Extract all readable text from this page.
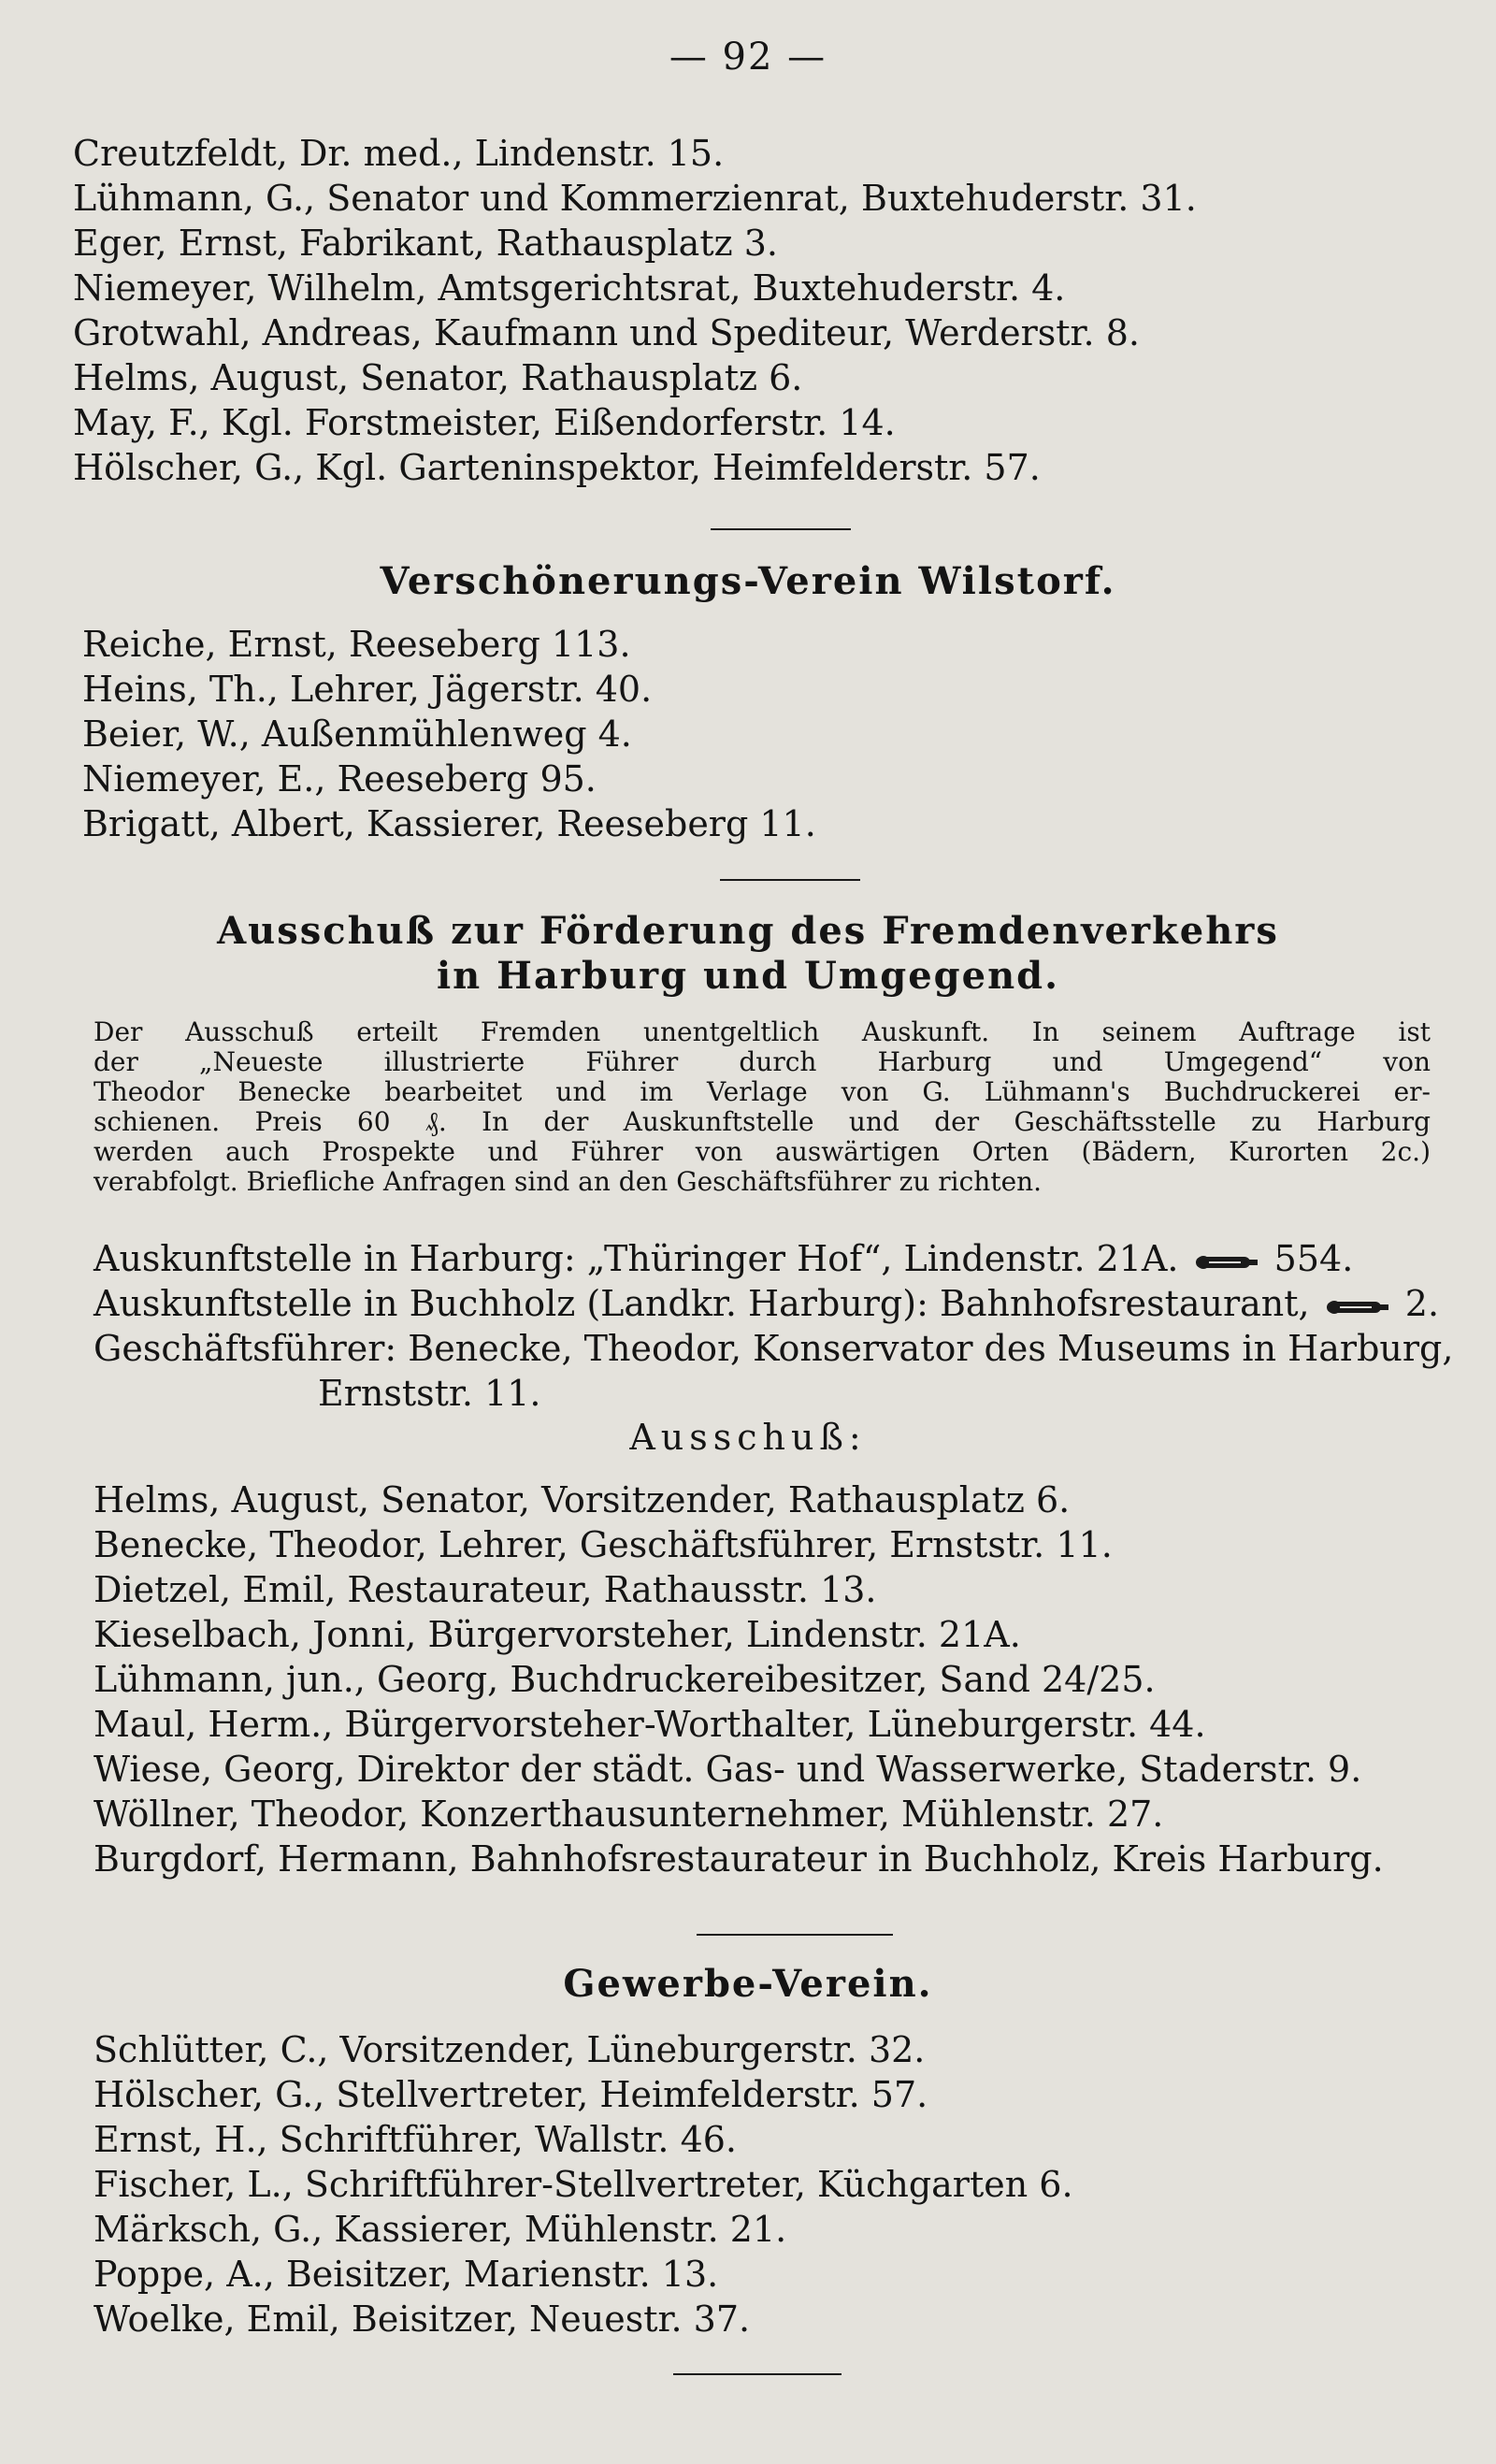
— 92 —
Creutzfeldt, Dr. med., Lindenstr. 15.
Lühmann, G., Senator und Kommerzienrat, Buxtehuderstr. 31.
Eger, Ernst, Fabrikant, Rathausplatz 3.
Niemeyer, Wilhelm, Amtsgerichtsrat, Buxtehuderstr. 4.
Grotwahl, Andreas, Kaufmann und Spediteur, Werderstr. 8.
Helms, August, Senator, Rathausplatz 6.
May, F., Kgl. Forstmeister, Eißendorferstr. 14.
Hölscher, G., Kgl. Garteninspektor, Heimfelderstr. 57.
Verschönerungs-Verein Wilstorf.
Reiche, Ernst, Reeseberg 113.
Heins, Th., Lehrer, Jägerstr. 40.
Beier, W., Außenmühlenweg 4.
Niemeyer, E., Reeseberg 95.
Brigatt, Albert, Kassierer, Reeseberg 11.
Ausschuß zur Förderung des Fremdenverkehrs
in Harburg und Umgegend.
Der Ausschuß erteilt Fremden unentgeltlich Auskunft. In seinem Auftrage ist
der „Neueste illustrierte Führer durch Harburg und Umgegend“ von
Theodor Benecke bearbeitet und im Verlage von G. Lühmann's Buchdruckerei er-
schienen. Preis 60 ₰. In der Auskunftstelle und der Geschäftsstelle zu Harburg
werden auch Prospekte und Führer von auswärtigen Orten (Bädern, Kurorten 2c.)
verabfolgt. Briefliche Anfragen sind an den Geschäftsführer zu richten.
Auskunftstelle in Harburg: „Thüringer Hof“, Lindenstr. 21A.	554.
Auskunftstelle in Buchholz (Landkr. Harburg): Bahnhofsrestaurant,	2.
Geschäftsführer: Benecke, Theodor, Konservator des Museums in Harburg,
Ernststr. 11.
Ausschuß:
Helms, August, Senator, Vorsitzender, Rathausplatz 6.
Benecke, Theodor, Lehrer, Geschäftsführer, Ernststr. 11.
Dietzel, Emil, Restaurateur, Rathausstr. 13.
Kieselbach, Jonni, Bürgervorsteher, Lindenstr. 21A.
Lühmann, jun., Georg, Buchdruckereibesitzer, Sand 24/25.
Maul, Herm., Bürgervorsteher-Worthalter, Lüneburgerstr. 44.
Wiese, Georg, Direktor der städt. Gas- und Wasserwerke, Staderstr. 9.
Wöllner, Theodor, Konzerthausunternehmer, Mühlenstr. 27.
Burgdorf, Hermann, Bahnhofsrestaurateur in Buchholz, Kreis Harburg.
Gewerbe-Verein.
Schlütter, C., Vorsitzender, Lüneburgerstr. 32.
Hölscher, G., Stellvertreter, Heimfelderstr. 57.
Ernst, H., Schriftführer, Wallstr. 46.
Fischer, L., Schriftführer-Stellvertreter, Küchgarten 6.
Märksch, G., Kassierer, Mühlenstr. 21.
Poppe, A., Beisitzer, Marienstr. 13.
Woelke, Emil, Beisitzer, Neuestr. 37.
